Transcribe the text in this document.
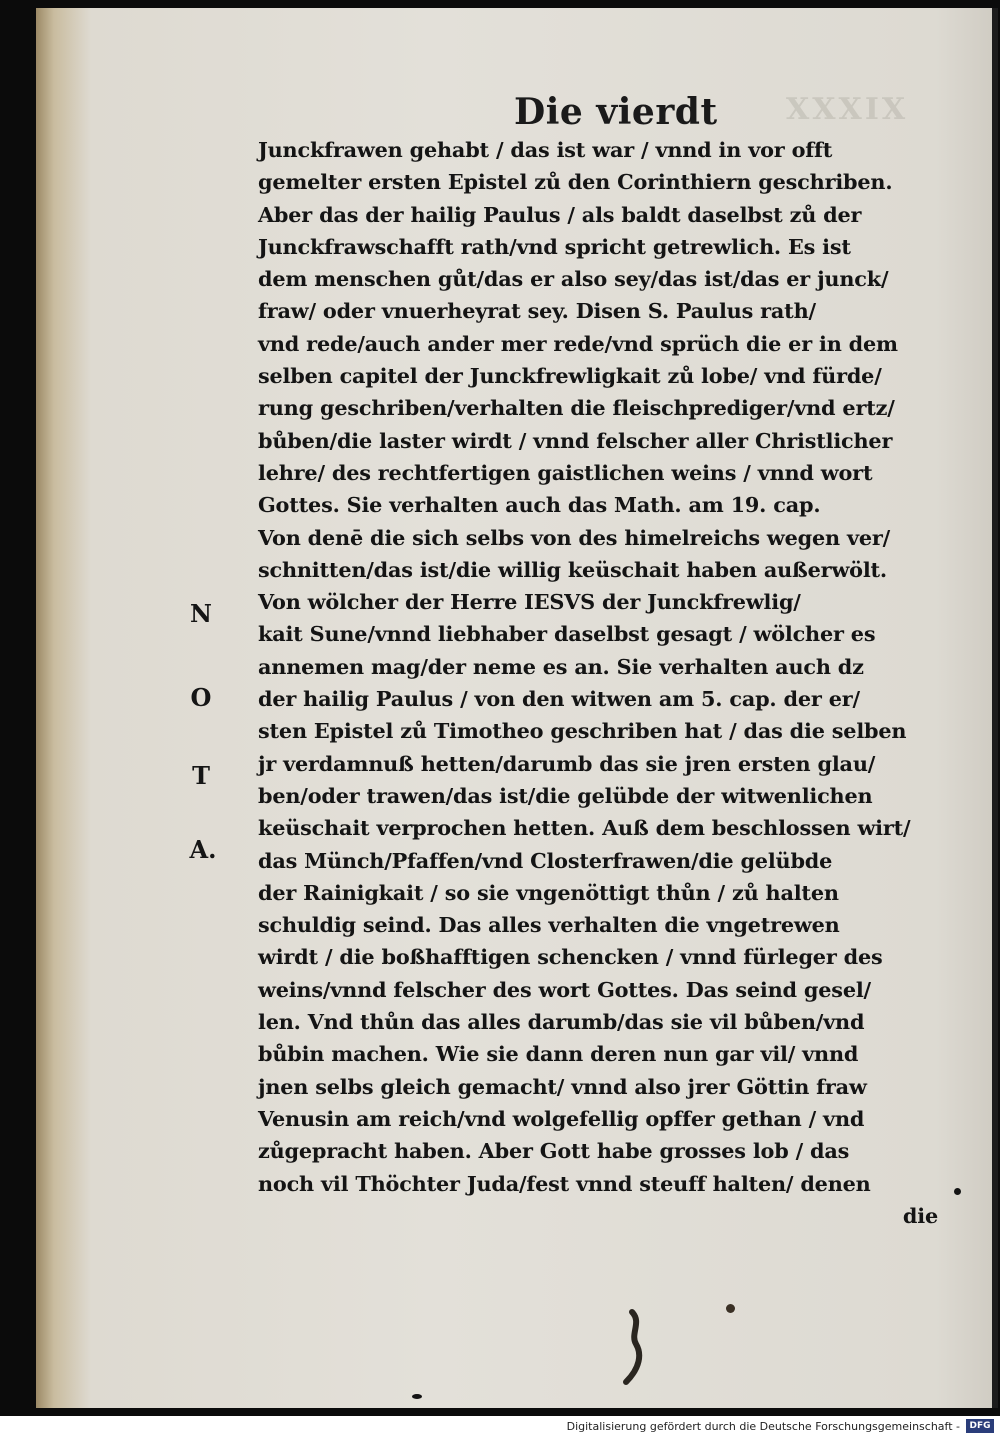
XXXIX
Die vierdt
Junckfrawen gehabt / das ist war / vnnd in vor offt
gemelter ersten Epistel zů den Corinthiern geschriben.
Aber das der hailig Paulus / als baldt daselbst zů der
Junckfrawschafft rath/vnd spricht getrewlich. Es ist
dem menschen gůt/das er also sey/das ist/das er junck/
fraw/ oder vnuerheyrat sey. Disen S. Paulus rath/
vnd rede/auch ander mer rede/vnd sprüch die er in dem
selben capitel der Junckfrewligkait zů lobe/ vnd fürde/
rung geschriben/verhalten die fleischprediger/vnd ertz/
bůben/die laster wirdt / vnnd felscher aller Christlicher
lehre/ des rechtfertigen gaistlichen weins / vnnd wort
Gottes. Sie verhalten auch das Math. am 19. cap.
Von denē die sich selbs von des himelreichs wegen ver/
schnitten/das ist/die willig keüschait haben außerwölt.
Von wölcher der Herre IESVS der Junckfrewlig/
kait Sune/vnnd liebhaber daselbst gesagt / wölcher es
annemen mag/der neme es an. Sie verhalten auch dz
der hailig Paulus / von den witwen am 5. cap. der er/
sten Epistel zů Timotheo geschriben hat / das die selben
jr verdamnuß hetten/darumb das sie jren ersten glau/
ben/oder trawen/das ist/die gelübde der witwenlichen
keüschait verprochen hetten. Auß dem beschlossen wirt/
das Münch/Pfaffen/vnd Closterfrawen/die gelübde
der Rainigkait / so sie vngenöttigt thůn / zů halten
schuldig seind. Das alles verhalten die vngetrewen
wirdt / die boßhafftigen schencken / vnnd fürleger des
weins/vnnd felscher des wort Gottes. Das seind gesel/
len. Vnd thůn das alles darumb/das sie vil bůben/vnd
bůbin machen. Wie sie dann deren nun gar vil/ vnnd
jnen selbs gleich gemacht/ vnnd also jrer Göttin fraw
Venusin am reich/vnd wolgefellig opffer gethan / vnd
zůgepracht haben. Aber Gott habe grosses lob / das
noch vil Thöchter Juda/fest vnnd steuff halten/ denen
die
N
O
T
A.
Digitalisierung gefördert durch die Deutsche Forschungsgemeinschaft -	DFG
